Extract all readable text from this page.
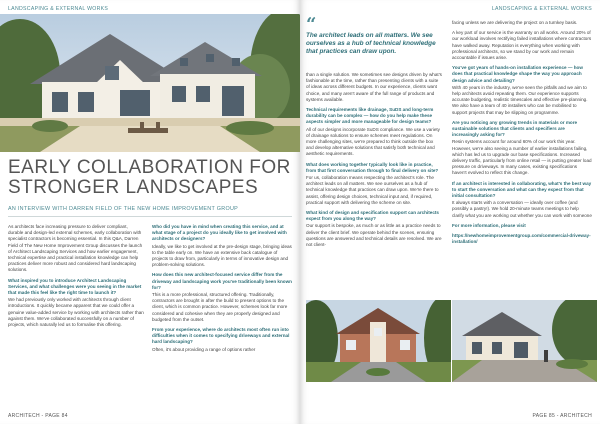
LANDSCAPING & EXTERNAL WORKS
EARLY COLLABORATION FOR
STRONGER LANDSCAPES

AN INTERVIEW WITH DARREN FIELD OF THE NEW HOME IMPROVEMENT GROUP

As architects face increasing pressure to deliver compliant, durable and design-led external schemes, early collaboration with specialist contractors is becoming essential. In this Q&A, Darren Field of The New Home Improvement Group discusses the launch of Architect Landscaping Services and how earlier engagement, technical expertise and practical installation knowledge can help practices deliver more robust and considered hard landscaping solutions.

What inspired you to introduce Architect Landscaping Services, and what challenges were you seeing in the market that made this feel like the right time to launch it?

We had previously only worked with architects through client introductions. It quickly became apparent that we could offer a genuine value-added service by working with architects rather than against them. We've collaborated successfully on a number of projects, which naturally led us to formalise this offering.

Who did you have in mind when creating this service, and at what stage of a project do you ideally like to get involved with architects or designers?

Ideally, we like to get involved at the pre-design stage, bringing ideas to the table early on. We have an extensive back catalogue of projects to draw from, particularly in terms of innovative design and problem-solving solutions.

How does this new architect-focused service differ from the driveway and landscaping work you've traditionally been known for?

This is a more professional, structured offering. Traditionally, contractors are brought in after the build to present options to the client, which is common practice. However, schemes look far more considered and cohesive when they are properly designed and budgeted from the outset.

From your experience, where do architects most often run into difficulties when it comes to specifying driveways and external hard landscaping?

Often, it's about providing a range of options rather

ARCHITECH - PAGE 84
LANDSCAPING & EXTERNAL WORKS
“

The architect leads on all matters. We see ourselves as a hub of technical knowledge that practices can draw upon.

than a single solution. We sometimes see designs driven by what's fashionable at the time, rather than presenting clients with a suite of ideas across different budgets. In our experience, clients want choice, and many aren't aware of the full range of products and systems available.

Technical requirements like drainage, SuDS and long-term durability can be complex — how do you help make these aspects simpler and more manageable for design teams?

All of our designs incorporate SuDS compliance. We use a variety of drainage solutions to ensure schemes meet regulations. On more challenging sites, we're prepared to think outside the box and develop alternative solutions that satisfy both technical and aesthetic requirements.

What does working together typically look like in practice, from that first conversation through to final delivery on site?

For us, collaboration means respecting the architect's role. The architect leads on all matters. We see ourselves as a hub of technical knowledge that practices can draw upon. We're there to assist, offering design choices, technical input and, if required, practical support with delivering the scheme on site.

What kind of design and specification support can architects expect from you along the way?

Our support is bespoke, as much or as little as a practice needs to deliver the client brief. We operate behind the scenes, ensuring questions are answered and technical details are resolved. We are not client-

facing unless we are delivering the project on a turnkey basis.

A key part of our service is the warranty on all works. Around 20% of our workload involves rectifying failed installations where contractors have walked away. Reputation is everything when working with professional architects, so we stand by our work and remain accountable if issues arise.

You've got years of hands-on installation experience — how does that practical knowledge shape the way you approach design advice and detailing?

With 40 years in the industry, we've seen the pitfalls and we aim to help architects avoid repeating them. Our experience supports accurate budgeting, realistic timescales and effective pre-planning. We also have a team of 40 installers who can be mobilised to support projects that may be slipping on programme.

Are you noticing any growing trends in materials or more sustainable solutions that clients and specifiers are increasingly asking for?

Resin systems account for around 60% of our work this year. However, we're also seeing a number of earlier installations failing, which has led us to upgrade our base specifications. Increased delivery traffic, particularly from online retail — is putting greater load pressure on driveways. In many cases, existing specifications haven't evolved to reflect this change.

If an architect is interested in collaborating, what's the best way to start the conversation and what can they expect from that initial consultation?

It always starts with a conversation — ideally over coffee (and possibly a pastry!). We hold 20-minute teams meetings to help clarify what you are working out whether you can work with someone

For more information, please visit

https://newhomeimprovementgroup.com/commercial-driveway-installation/

PAGE 85 - ARCHITECH
